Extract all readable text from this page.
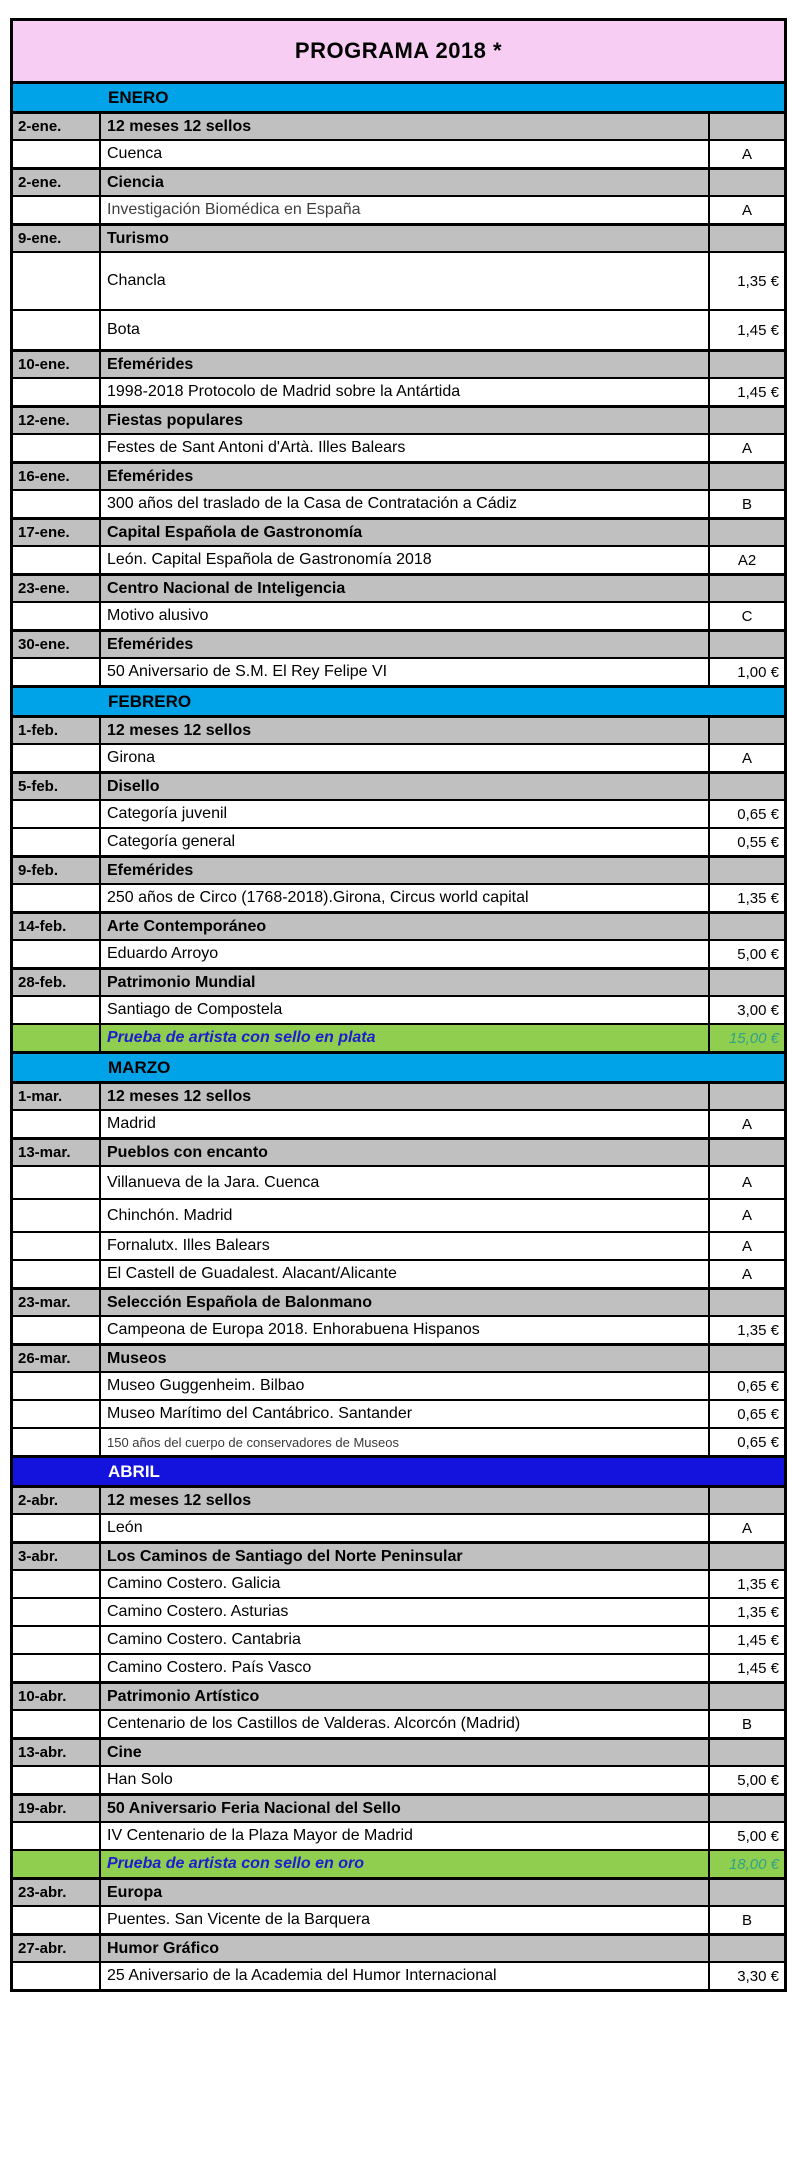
PROGRAMA 2018 *
ENERO
2-ene.	12 meses 12 sellos
Cuenca	A
2-ene.	Ciencia
Investigación Biomédica en España	A
9-ene.	Turismo
Chancla	1,35 €
Bota	1,45 €
10-ene.	Efemérides
1998-2018 Protocolo de Madrid sobre la Antártida	1,45 €
12-ene.	Fiestas populares
Festes de Sant Antoni d'Artà. Illes Balears	A
16-ene.	Efemérides
300 años del traslado de la Casa de Contratación a Cádiz	B
17-ene.	Capital Española de Gastronomía
León. Capital Española de Gastronomía 2018	A2
23-ene.	Centro Nacional de Inteligencia
Motivo alusivo	C
30-ene.	Efemérides
50 Aniversario de S.M. El Rey Felipe VI	1,00 €
FEBRERO
1-feb.	12 meses 12 sellos
Girona	A
5-feb.	Disello
Categoría juvenil	0,65 €
Categoría general	0,55 €
9-feb.	Efemérides
250 años de Circo (1768-2018).Girona, Circus world capital	1,35 €
14-feb.	Arte Contemporáneo
Eduardo Arroyo	5,00 €
28-feb.	Patrimonio Mundial
Santiago de Compostela	3,00 €
Prueba de artista con sello en plata	15,00 €
MARZO
1-mar.	12 meses 12 sellos
Madrid	A
13-mar.	Pueblos con encanto
Villanueva de la Jara. Cuenca	A
Chinchón. Madrid	A
Fornalutx. Illes Balears	A
El Castell de Guadalest. Alacant/Alicante	A
23-mar.	Selección Española de Balonmano
Campeona de Europa 2018. Enhorabuena Hispanos	1,35 €
26-mar.	Museos
Museo Guggenheim. Bilbao	0,65 €
Museo Marítimo del Cantábrico. Santander	0,65 €
150 años del cuerpo de conservadores de Museos	0,65 €
ABRIL
2-abr.	12 meses 12 sellos
León	A
3-abr.	Los Caminos de Santiago del Norte Peninsular
Camino Costero. Galicia	1,35 €
Camino Costero. Asturias	1,35 €
Camino Costero. Cantabria	1,45 €
Camino Costero. País Vasco	1,45 €
10-abr.	Patrimonio Artístico
Centenario de los Castillos de Valderas. Alcorcón (Madrid)	B
13-abr.	Cine
Han Solo	5,00 €
19-abr.	50 Aniversario Feria Nacional del Sello
IV Centenario de la Plaza Mayor de Madrid	5,00 €
Prueba de artista con sello en oro	18,00 €
23-abr.	Europa
Puentes. San Vicente de la Barquera	B
27-abr.	Humor Gráfico
25 Aniversario de la Academia del Humor Internacional	3,30 €
